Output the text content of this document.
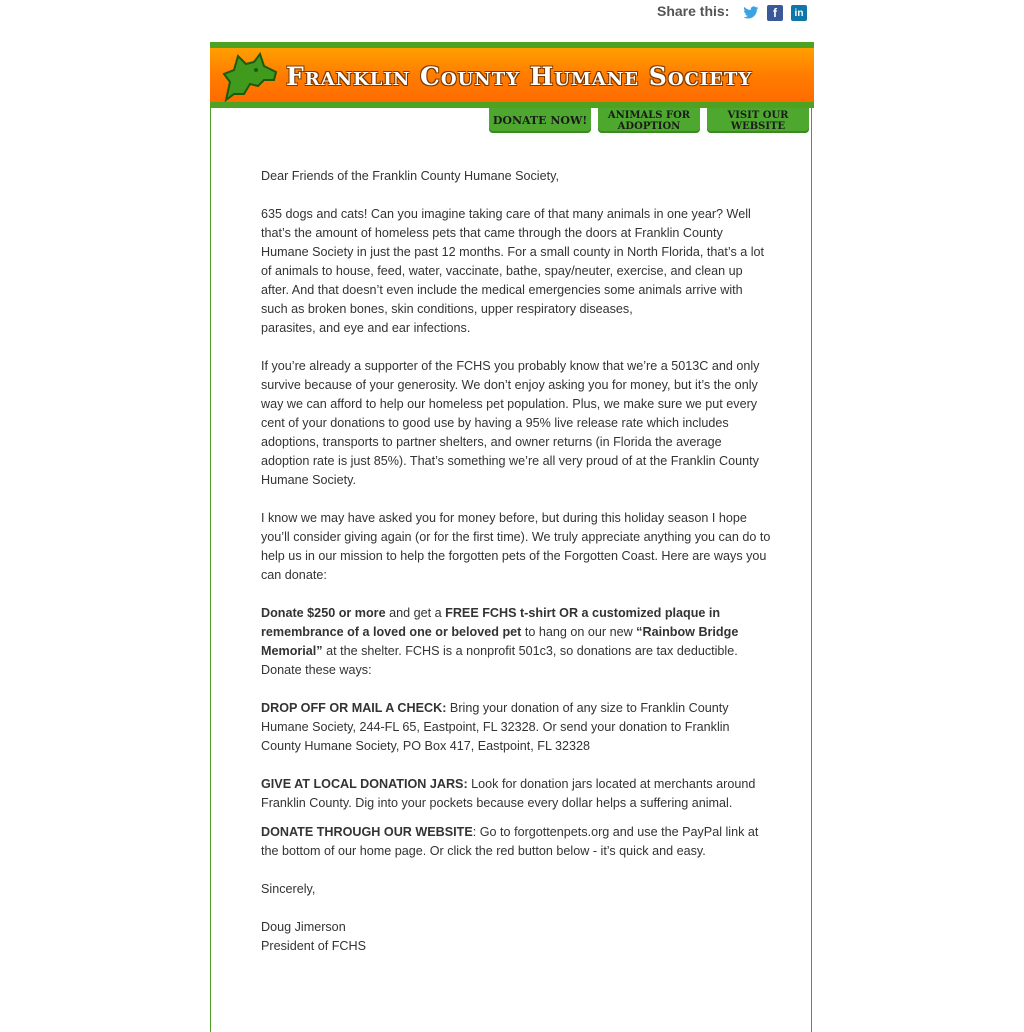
Share this:	f	in
Franklin County Humane Society
DONATE NOW!	ANIMALS FOR ADOPTION
VISIT OUR WEBSITE

Dear Friends of the Franklin County Humane Society,

635 dogs and cats! Can you imagine taking care of that many animals in one year? Well that’s the amount of homeless pets that came through the doors at Franklin County Humane Society in just the past 12 months. For a small county in North Florida, that’s a lot of animals to house, feed, water, vaccinate, bathe, spay/neuter, exercise, and clean up after. And that doesn’t even include the medical emergencies some animals arrive with such as broken bones, skin conditions, upper respiratory diseases,

parasites, and eye and ear infections.

If you’re already a supporter of the FCHS you probably know that we’re a 5013C and only survive because of your generosity. We don’t enjoy asking you for money, but it’s the only way we can afford to help our homeless pet population. Plus, we make sure we put every cent of your donations to good use by having a 95% live release rate which includes adoptions, transports to partner shelters, and owner returns (in Florida the average adoption rate is just 85%). That’s something we’re all very proud of at the Franklin County Humane Society.

I know we may have asked you for money before, but during this holiday season I hope you’ll consider giving again (or for the first time). We truly appreciate anything you can do to help us in our mission to help the forgotten pets of the Forgotten Coast. Here are ways you can donate:

Donate $250 or more and get a FREE FCHS t-shirt OR a customized plaque in remembrance of a loved one or beloved pet to hang on our new “Rainbow Bridge Memorial” at the shelter. FCHS is a nonprofit 501c3, so donations are tax deductible. Donate these ways:

DROP OFF OR MAIL A CHECK: Bring your donation of any size to Franklin County Humane Society, 244-FL 65, Eastpoint, FL 32328. Or send your donation to Franklin County Humane Society, PO Box 417, Eastpoint, FL 32328

GIVE AT LOCAL DONATION JARS: Look for donation jars located at merchants around Franklin County. Dig into your pockets because every dollar helps a suffering animal.

DONATE THROUGH OUR WEBSITE: Go to forgottenpets.org and use the PayPal link at the bottom of our home page. Or click the red button below - it’s quick and easy.

Sincerely,

Doug Jimerson

President of FCHS
